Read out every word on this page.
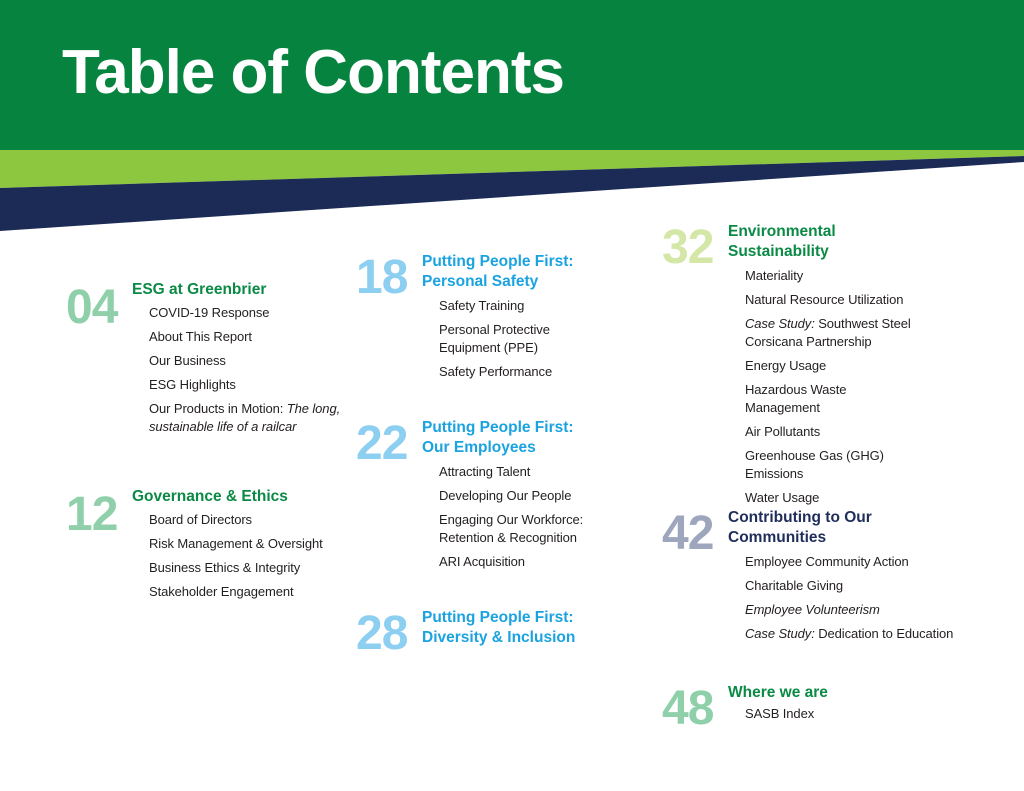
Table of Contents
04 ESG at Greenbrier
COVID-19 Response
About This Report
Our Business
ESG Highlights
Our Products in Motion: The long, sustainable life of a railcar
12 Governance & Ethics
Board of Directors
Risk Management & Oversight
Business Ethics & Integrity
Stakeholder Engagement
18 Putting People First: Personal Safety
Safety Training
Personal Protective Equipment (PPE)
Safety Performance
22 Putting People First: Our Employees
Attracting Talent
Developing Our People
Engaging Our Workforce: Retention & Recognition
ARI Acquisition
28 Putting People First: Diversity & Inclusion
32 Environmental Sustainability
Materiality
Natural Resource Utilization
Case Study: Southwest Steel Corsicana Partnership
Energy Usage
Hazardous Waste Management
Air Pollutants
Greenhouse Gas (GHG) Emissions
Water Usage
42 Contributing to Our Communities
Employee Community Action
Charitable Giving
Employee Volunteerism
Case Study: Dedication to Education
48 Where we are
SASB Index
